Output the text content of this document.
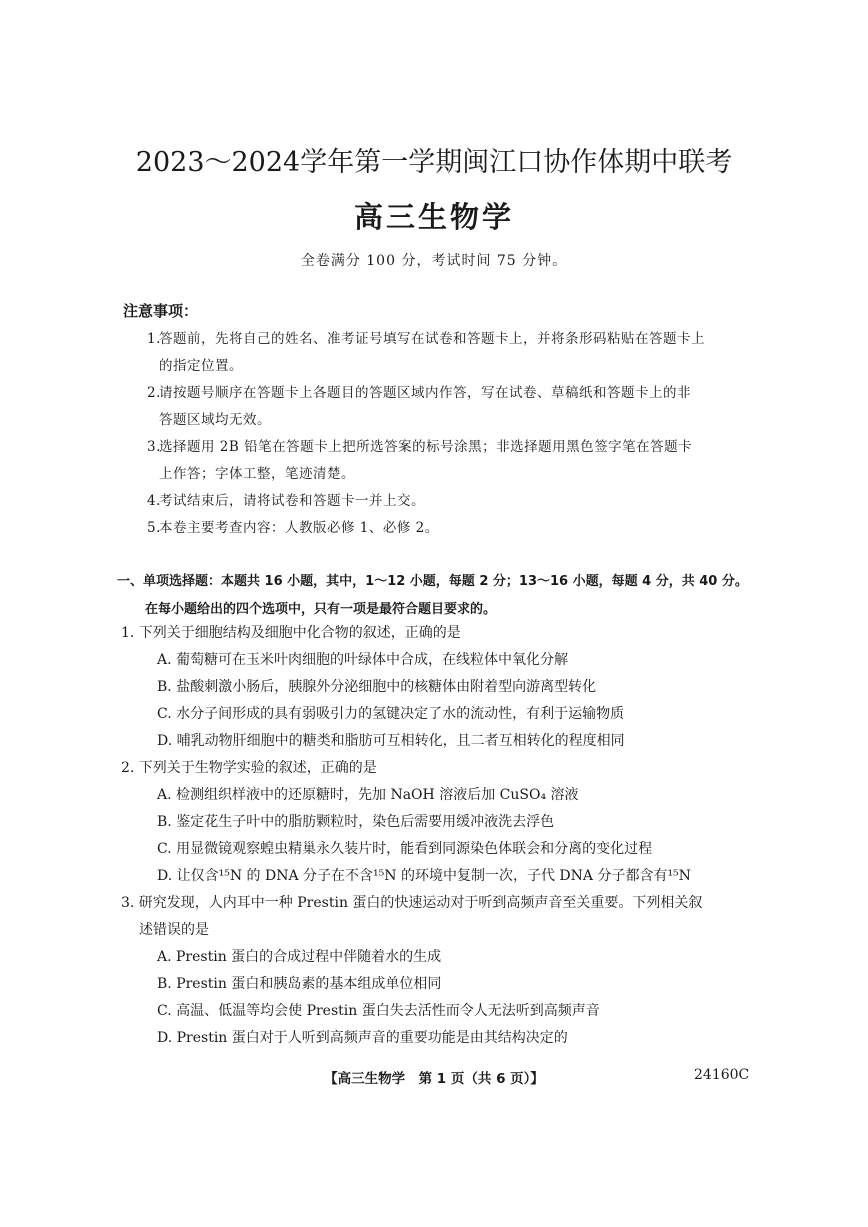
2023～2024学年第一学期闽江口协作体期中联考
高三生物学
全卷满分 100 分，考试时间 75 分钟。
注意事项：
1.答题前，先将自己的姓名、准考证号填写在试卷和答题卡上，并将条形码粘贴在答题卡上
的指定位置。
2.请按题号顺序在答题卡上各题目的答题区域内作答，写在试卷、草稿纸和答题卡上的非
答题区域均无效。
3.选择题用 2B 铅笔在答题卡上把所选答案的标号涂黑；非选择题用黑色签字笔在答题卡
上作答；字体工整，笔迹清楚。
4.考试结束后，请将试卷和答题卡一并上交。
5.本卷主要考查内容：人教版必修 1、必修 2。
一、单项选择题：本题共 16 小题，其中，1～12 小题，每题 2 分；13～16 小题，每题 4 分，共 40 分。
在每小题给出的四个选项中，只有一项是最符合题目要求的。
1. 下列关于细胞结构及细胞中化合物的叙述，正确的是
A. 葡萄糖可在玉米叶肉细胞的叶绿体中合成，在线粒体中氧化分解
B. 盐酸刺激小肠后，胰腺外分泌细胞中的核糖体由附着型向游离型转化
C. 水分子间形成的具有弱吸引力的氢键决定了水的流动性，有利于运输物质
D. 哺乳动物肝细胞中的糖类和脂肪可互相转化，且二者互相转化的程度相同
2. 下列关于生物学实验的叙述，正确的是
A. 检测组织样液中的还原糖时，先加 NaOH 溶液后加 CuSO₄ 溶液
B. 鉴定花生子叶中的脂肪颗粒时，染色后需要用缓冲液洗去浮色
C. 用显微镜观察蝗虫精巢永久装片时，能看到同源染色体联会和分离的变化过程
D. 让仅含¹⁵N 的 DNA 分子在不含¹⁵N 的环境中复制一次，子代 DNA 分子都含有¹⁵N
3. 研究发现，人内耳中一种 Prestin 蛋白的快速运动对于听到高频声音至关重要。下列相关叙
述错误的是
A. Prestin 蛋白的合成过程中伴随着水的生成
B. Prestin 蛋白和胰岛素的基本组成单位相同
C. 高温、低温等均会使 Prestin 蛋白失去活性而令人无法听到高频声音
D. Prestin 蛋白对于人听到高频声音的重要功能是由其结构决定的
【高三生物学　第 1 页（共 6 页）】	24160C
